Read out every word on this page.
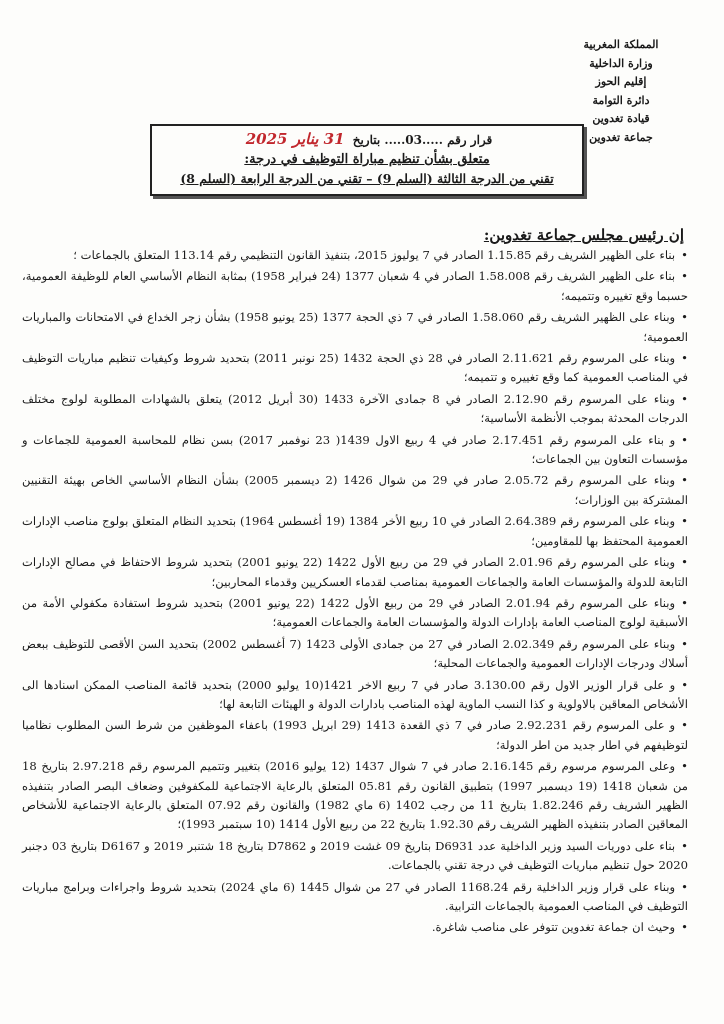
المملكة المغربية
وزارة الداخلية
إقليم الحوز
دائرة التوامة
قيادة تغدوين
جماعة تغدوين
قرار رقم .....03..... بتاريخ 31 يناير 2025
متعلق بشأن تنظيم مباراة التوظيف في درجة:
تقني من الدرجة الثالثة (السلم 9) – تقني من الدرجة الرابعة (السلم 8)
إن رئيس مجلس جماعة تغدوين:

• بناء على الظهير الشريف رقم 1.15.85 الصادر في 7 يوليوز 2015، بتنفيذ القانون التنظيمي رقم 113.14 المتعلق بالجماعات ؛

• بناء على الظهير الشريف رقم 1.58.008 الصادر في 4 شعبان 1377 (24 فبراير 1958) بمثابة النظام الأساسي العام للوظيفة العمومية، حسبما وقع تغييره وتتميمه؛

• وبناء على الظهير الشريف رقم 1.58.060 الصادر في 7 ذي الحجة 1377 (25 يونيو 1958) بشأن زجر الخداع في الامتحانات والمباريات العمومية؛

• وبناء على المرسوم رقم 2.11.621 الصادر في 28 ذي الحجة 1432 (25 نونبر 2011) بتحديد شروط وكيفيات تنظيم مباريات التوظيف في المناصب العمومية كما وقع تغييره و تتميمه؛

• وبناء على المرسوم رقم 2.12.90 الصادر في 8 جمادى الآخرة 1433 (30 أبريل 2012) يتعلق بالشهادات المطلوبة لولوج مختلف الدرجات المحدثة بموجب الأنظمة الأساسية؛

• و بناء على المرسوم رقم 2.17.451 صادر في 4 ربيع الاول 1439( 23 نوفمبر 2017) بسن نظام للمحاسبة العمومية للجماعات و مؤسسات التعاون بين الجماعات؛

• وبناء على المرسوم رقم 2.05.72 صادر في 29 من شوال 1426 (2 ديسمبر 2005) بشأن النظام الأساسي الخاص بهيئة التقنيين المشتركة بين الوزارات؛

• وبناء على المرسوم رقم 2.64.389 الصادر في 10 ربيع الأخر 1384 (19 أغسطس 1964) بتحديد النظام المتعلق بولوج مناصب الإدارات العمومية المحتفظ بها للمقاومين؛

• وبناء على المرسوم رقم 2.01.96 الصادر في 29 من ربيع الأول 1422 (22 يونيو 2001) بتحديد شروط الاحتفاظ في مصالح الإدارات التابعة للدولة والمؤسسات العامة والجماعات العمومية بمناصب لقدماء العسكريين وقدماء المحاربين؛

• وبناء على المرسوم رقم 2.01.94 الصادر في 29 من ربيع الأول 1422 (22 يونيو 2001) بتحديد شروط استفادة مكفولي الأمة من الأسبقية لولوج المناصب العامة بإدارات الدولة والمؤسسات العامة والجماعات العمومية؛

• وبناء على المرسوم رقم 2.02.349 الصادر في 27 من جمادى الأولى 1423 (7 أغسطس 2002) بتحديد السن الأقصى للتوظيف ببعض أسلاك ودرجات الإدارات العمومية والجماعات المحلية؛

• و على قرار الوزير الاول رقم 3.130.00 صادر في 7 ربيع الاخر 1421(10 يوليو 2000) بتحديد قائمة المناصب الممكن اسنادها الى الأشخاص المعاقين بالاولوية و كذا النسب الماوية لهذه المناصب بادارات الدولة و الهيئات التابعة لها؛

• و على المرسوم رقم 2.92.231 صادر في 7 ذي القعدة 1413 (29 ابريل 1993) باعفاء الموظفين من شرط السن المطلوب نظاميا لتوظيفهم في اطار جديد من اطر الدولة؛

• وعلى المرسوم مرسوم رقم 2.16.145 صادر في 7 شوال 1437 (12 يوليو 2016) بتغيير وتتميم المرسوم رقم 2.97.218 بتاريخ 18 من شعبان 1418 (19 ديسمبر 1997) بتطبيق القانون رقم 05.81 المتعلق بالرعاية الاجتماعية للمكفوفين وضعاف البصر الصادر بتنفيذه الظهير الشريف رقم 1.82.246 بتاريخ 11 من رجب 1402 (6 ماي 1982) والقانون رقم 07.92 المتعلق بالرعاية الاجتماعية للأشخاص المعاقين الصادر بتنفيذه الظهير الشريف رقم 1.92.30 بتاريخ 22 من ربيع الأول 1414 (10 سبتمبر 1993)؛

• بناء على دوريات السيد وزير الداخلية عدد D6931 بتاريخ 09 غشت 2019 و D7862 بتاريخ 18 شتنبر 2019 و D6167 بتاريخ 03 دجنبر 2020 حول تنظيم مباريات التوظيف في درجة تقني بالجماعات.

• وبناء على قرار وزير الداخلية رقم 1168.24 الصادر في 27 من شوال 1445 (6 ماي 2024) بتحديد شروط واجراءات وبرامج مباريات التوظيف في المناصب العمومية بالجماعات الترابية.

• وحيث ان جماعة تغدوين تتوفر على مناصب شاغرة.
